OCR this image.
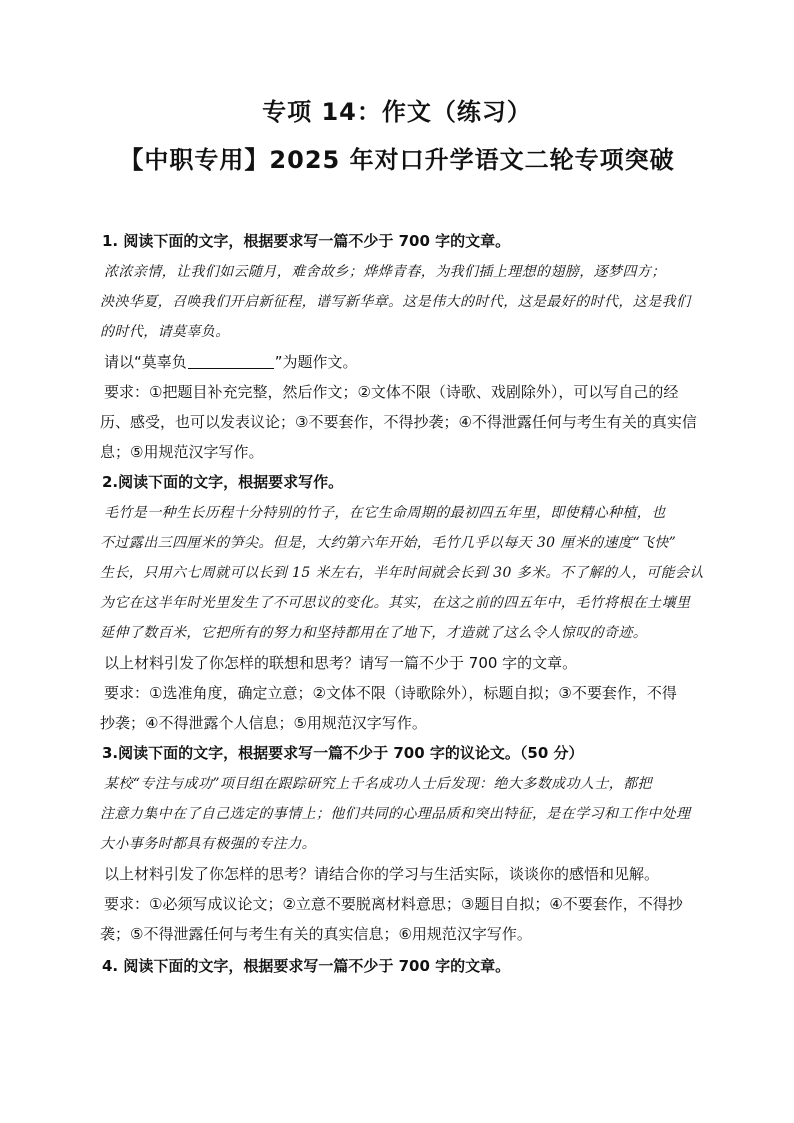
专项 14：作文（练习）
【中职专用】2025 年对口升学语文二轮专项突破
1. 阅读下面的文字，根据要求写一篇不少于 700 字的文章。
浓浓亲情，让我们如云随月，难舍故乡；烨烨青春，为我们插上理想的翅膀，逐梦四方；
泱泱华夏，召唤我们开启新征程，谱写新华章。这是伟大的时代，这是最好的时代，这是我们
的时代，请莫辜负。
请以“莫辜负	”为题作文。
要求：①把题目补充完整，然后作文；②文体不限（诗歌、戏剧除外），可以写自己的经
历、感受，也可以发表议论；③不要套作，不得抄袭；④不得泄露任何与考生有关的真实信
息；⑤用规范汉字写作。
2.阅读下面的文字，根据要求写作。
毛竹是一种生长历程十分特别的竹子，在它生命周期的最初四五年里，即使精心种植，也
不过露出三四厘米的笋尖。但是，大约第六年开始，毛竹几乎以每天 30 厘米的速度“飞快”
生长，只用六七周就可以长到 15 米左右，半年时间就会长到 30 多米。不了解的人，可能会认
为它在这半年时光里发生了不可思议的变化。其实，在这之前的四五年中，毛竹将根在土壤里
延伸了数百米，它把所有的努力和坚持都用在了地下，才造就了这么令人惊叹的奇迹。
以上材料引发了你怎样的联想和思考？请写一篇不少于 700 字的文章。
要求：①选准角度，确定立意；②文体不限（诗歌除外），标题自拟；③不要套作，不得
抄袭；④不得泄露个人信息；⑤用规范汉字写作。
3.阅读下面的文字，根据要求写一篇不少于 700 字的议论文。（50 分）
某校“专注与成功”项目组在跟踪研究上千名成功人士后发现：绝大多数成功人士，都把
注意力集中在了自己选定的事情上；他们共同的心理品质和突出特征，是在学习和工作中处理
大小事务时都具有极强的专注力。
以上材料引发了你怎样的思考？请结合你的学习与生活实际，谈谈你的感悟和见解。
要求：①必须写成议论文；②立意不要脱离材料意思；③题目自拟；④不要套作，不得抄
袭；⑤不得泄露任何与考生有关的真实信息；⑥用规范汉字写作。
4. 阅读下面的文字，根据要求写一篇不少于 700 字的文章。
